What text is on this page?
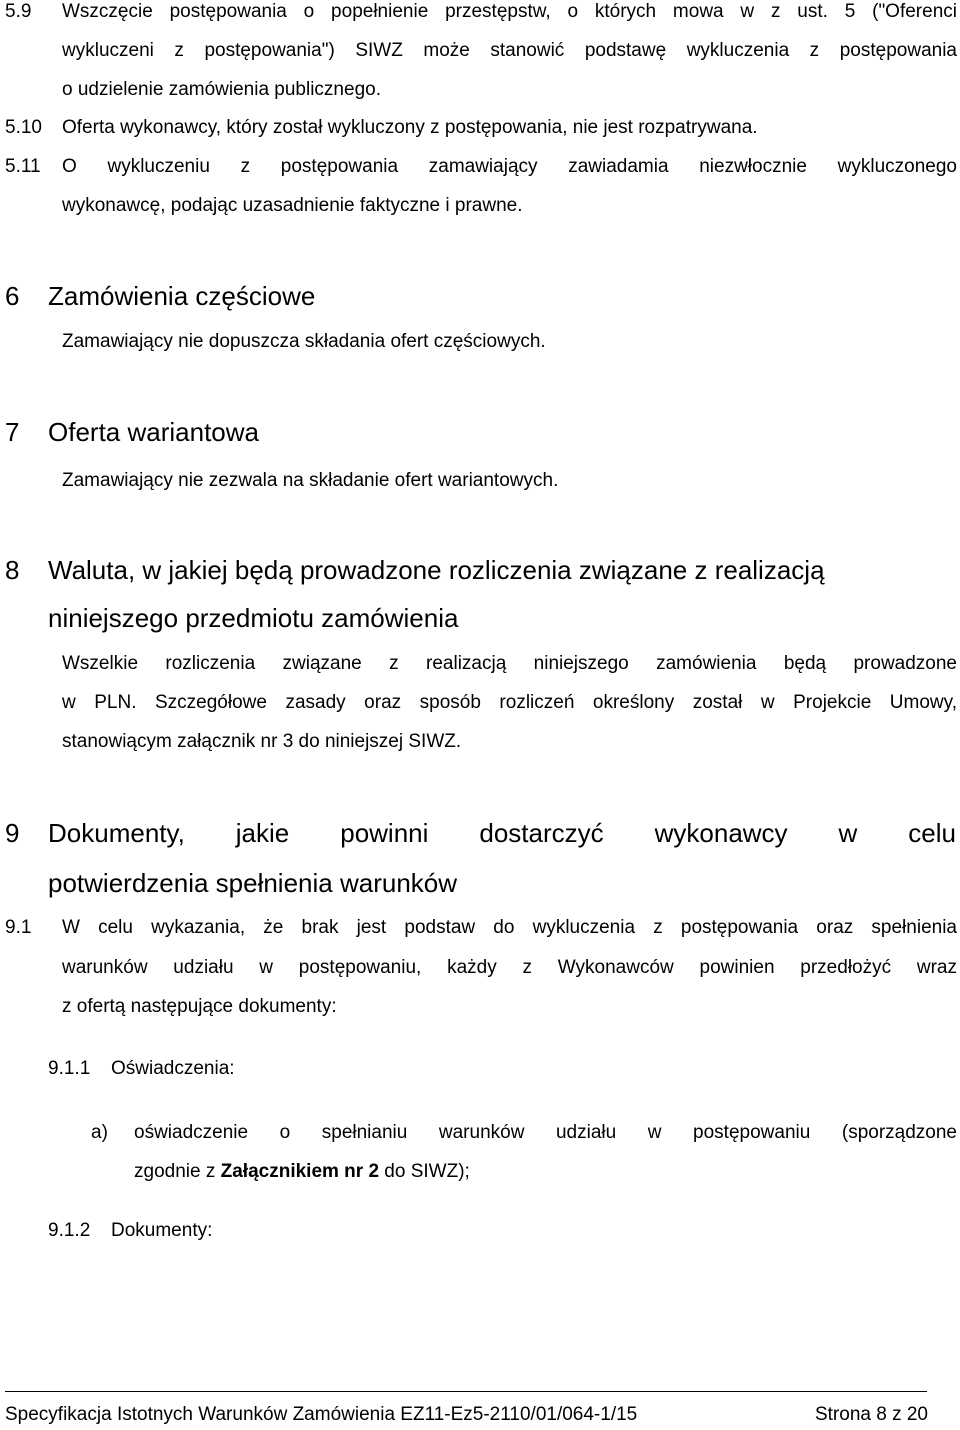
5.9 Wszczęcie postępowania o popełnienie przestępstw, o których mowa w z ust. 5 ("Oferenci
wykluczeni z postępowania") SIWZ może stanowić podstawę wykluczenia z postępowania
o udzielenie zamówienia publicznego.
5.10 Oferta wykonawcy, który został wykluczony z postępowania, nie jest rozpatrywana.
5.11 O wykluczeniu z postępowania zamawiający zawiadamia niezwłocznie wykluczonego
wykonawcę, podając uzasadnienie faktyczne i prawne.
6 Zamówienia częściowe
Zamawiający nie dopuszcza składania ofert częściowych.
7 Oferta wariantowa
Zamawiający nie zezwala na składanie ofert wariantowych.
8 Waluta, w jakiej będą prowadzone rozliczenia związane z realizacją
niniejszego przedmiotu zamówienia
Wszelkie rozliczenia związane z realizacją niniejszego zamówienia będą prowadzone
w PLN. Szczegółowe zasady oraz sposób rozliczeń określony został w Projekcie Umowy,
stanowiącym załącznik nr 3 do niniejszej SIWZ.
9 Dokumenty, jakie powinni dostarczyć wykonawcy w celu
potwierdzenia spełnienia warunków
9.1 W celu wykazania, że brak jest podstaw do wykluczenia z postępowania oraz spełnienia
warunków udziału w postępowaniu, każdy z Wykonawców powinien przedłożyć wraz
z ofertą następujące dokumenty:
9.1.1 Oświadczenia:
a) oświadczenie o spełnianiu warunków udziału w postępowaniu (sporządzone
zgodnie z Załącznikiem nr 2 do SIWZ);
9.1.2 Dokumenty:
Specyfikacja Istotnych Warunków Zamówienia EZ11-Ez5-2110/01/064-1/15	Strona 8 z 20
